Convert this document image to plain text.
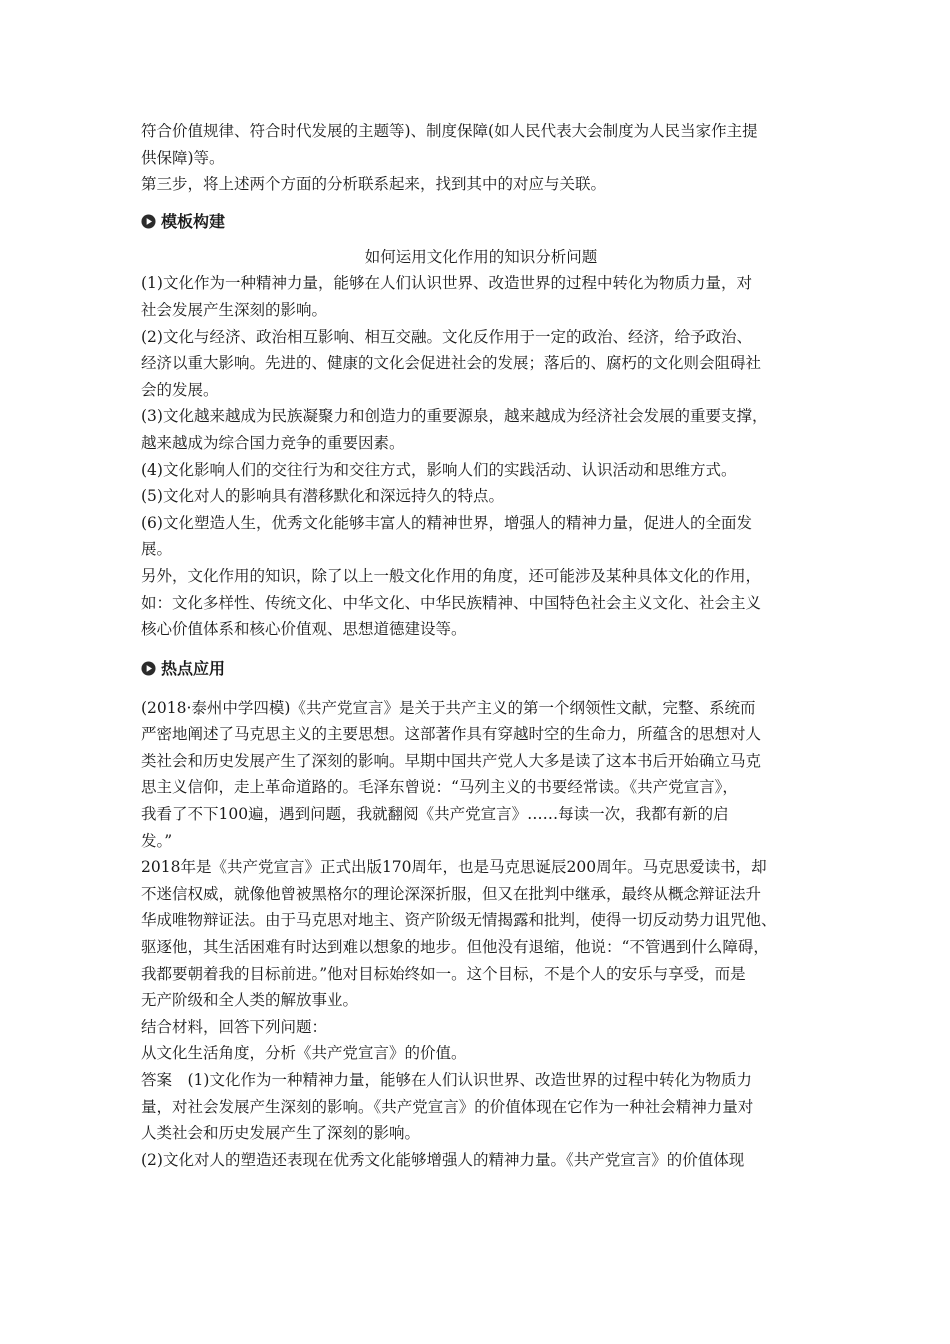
符合价值规律、符合时代发展的主题等)、制度保障(如人民代表大会制度为人民当家作主提

供保障)等。

第三步，将上述两个方面的分析联系起来，找到其中的对应与关联。

模板构建

如何运用文化作用的知识分析问题

(1)文化作为一种精神力量，能够在人们认识世界、改造世界的过程中转化为物质力量，对

社会发展产生深刻的影响。

(2)文化与经济、政治相互影响、相互交融。文化反作用于一定的政治、经济，给予政治、

经济以重大影响。先进的、健康的文化会促进社会的发展；落后的、腐朽的文化则会阻碍社

会的发展。

(3)文化越来越成为民族凝聚力和创造力的重要源泉，越来越成为经济社会发展的重要支撑，

越来越成为综合国力竞争的重要因素。

(4)文化影响人们的交往行为和交往方式，影响人们的实践活动、认识活动和思维方式。

(5)文化对人的影响具有潜移默化和深远持久的特点。

(6)文化塑造人生，优秀文化能够丰富人的精神世界，增强人的精神力量，促进人的全面发

展。

另外，文化作用的知识，除了以上一般文化作用的角度，还可能涉及某种具体文化的作用，

如：文化多样性、传统文化、中华文化、中华民族精神、中国特色社会主义文化、社会主义

核心价值体系和核心价值观、思想道德建设等。

热点应用

(2018·泰州中学四模)《共产党宣言》是关于共产主义的第一个纲领性文献，完整、系统而

严密地阐述了马克思主义的主要思想。这部著作具有穿越时空的生命力，所蕴含的思想对人

类社会和历史发展产生了深刻的影响。早期中国共产党人大多是读了这本书后开始确立马克

思主义信仰，走上革命道路的。毛泽东曾说：“马列主义的书要经常读。《共产党宣言》，

我看了不下100遍，遇到问题，我就翻阅《共产党宣言》……每读一次，我都有新的启

发。”

2018年是《共产党宣言》正式出版170周年，也是马克思诞辰200周年。马克思爱读书，却

不迷信权威，就像他曾被黑格尔的理论深深折服，但又在批判中继承，最终从概念辩证法升

华成唯物辩证法。由于马克思对地主、资产阶级无情揭露和批判，使得一切反动势力诅咒他、

驱逐他，其生活困难有时达到难以想象的地步。但他没有退缩，他说：“不管遇到什么障碍，

我都要朝着我的目标前进。”他对目标始终如一。这个目标，不是个人的安乐与享受，而是

无产阶级和全人类的解放事业。

结合材料，回答下列问题：

从文化生活角度，分析《共产党宣言》的价值。

答案　(1)文化作为一种精神力量，能够在人们认识世界、改造世界的过程中转化为物质力

量，对社会发展产生深刻的影响。《共产党宣言》的价值体现在它作为一种社会精神力量对

人类社会和历史发展产生了深刻的影响。

(2)文化对人的塑造还表现在优秀文化能够增强人的精神力量。《共产党宣言》的价值体现
